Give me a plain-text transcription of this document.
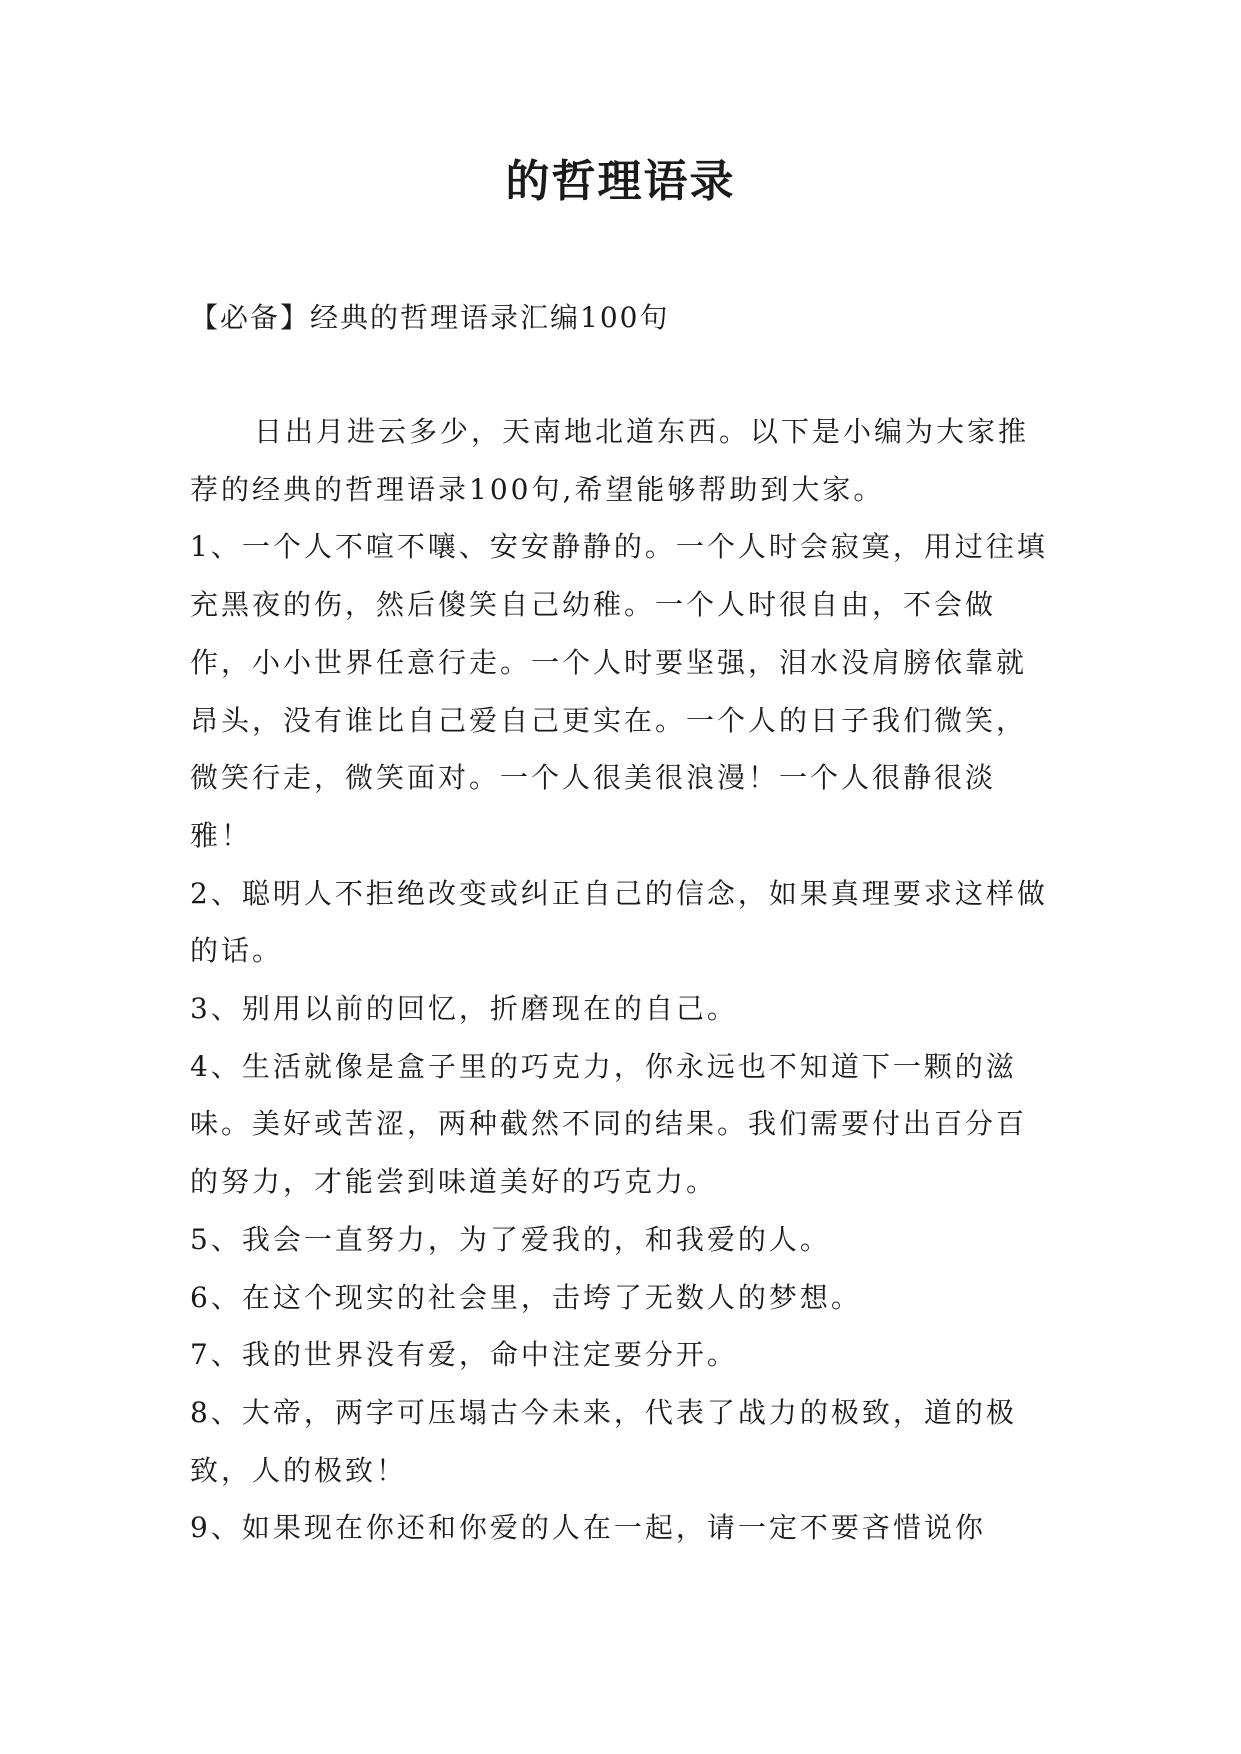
的哲理语录
【必备】经典的哲理语录汇编100句

日出月进云多少，天南地北道东西。以下是小编为大家推荐的经典的哲理语录100句,希望能够帮助到大家。

1、一个人不喧不嚷、安安静静的。一个人时会寂寞，用过往填充黑夜的伤，然后傻笑自己幼稚。一个人时很自由，不会做作，小小世界任意行走。一个人时要坚强，泪水没肩膀依靠就昂头，没有谁比自己爱自己更实在。一个人的日子我们微笑，微笑行走，微笑面对。一个人很美很浪漫！一个人很静很淡雅！

2、聪明人不拒绝改变或纠正自己的信念，如果真理要求这样做的话。

3、别用以前的回忆，折磨现在的自己。

4、生活就像是盒子里的巧克力，你永远也不知道下一颗的滋味。美好或苦涩，两种截然不同的结果。我们需要付出百分百的努力，才能尝到味道美好的巧克力。

5、我会一直努力，为了爱我的，和我爱的人。

6、在这个现实的社会里，击垮了无数人的梦想。

7、我的世界没有爱，命中注定要分开。

8、大帝，两字可压塌古今未来，代表了战力的极致，道的极致，人的极致！

9、如果现在你还和你爱的人在一起，请一定不要吝惜说你
